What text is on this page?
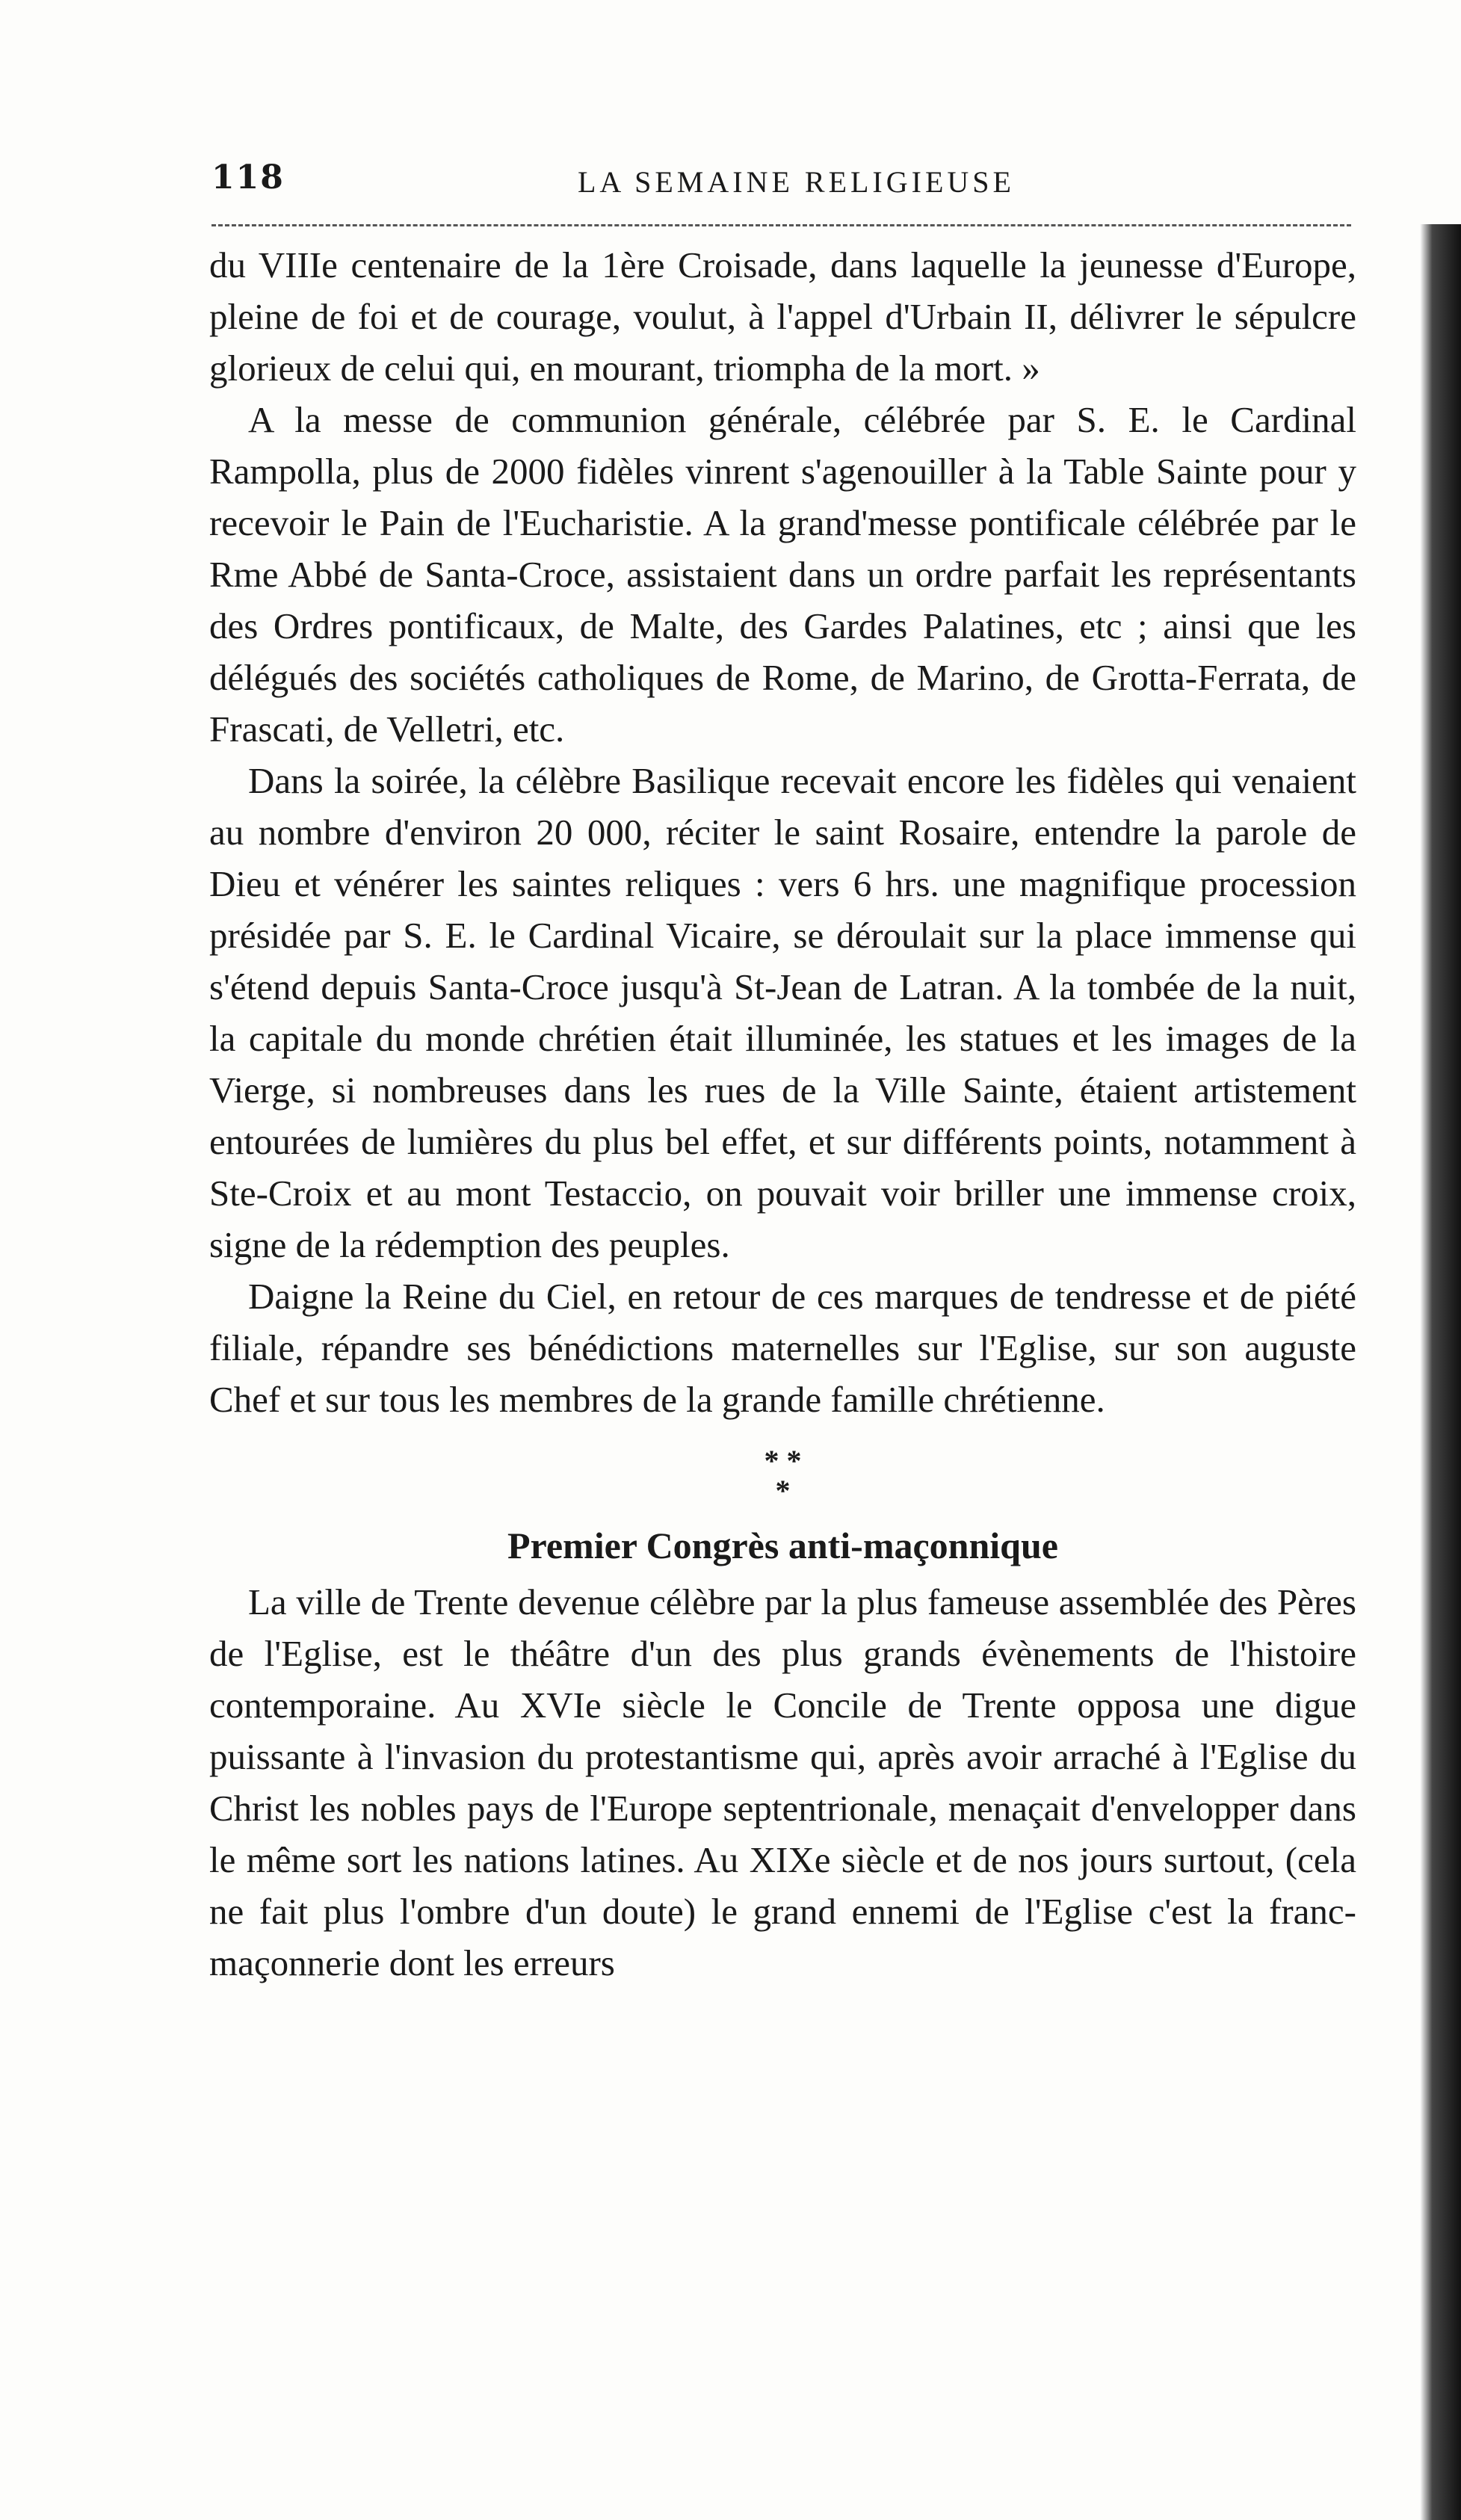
118	LA SEMAINE RELIGIEUSE

du VIIIe centenaire de la 1ère Croisade, dans laquelle la jeunesse d'Europe, pleine de foi et de courage, voulut, à l'appel d'Urbain II, délivrer le sépulcre glorieux de celui qui, en mourant, triompha de la mort. »

A la messe de communion générale, célébrée par S. E. le Cardinal Rampolla, plus de 2000 fidèles vinrent s'agenouiller à la Table Sainte pour y recevoir le Pain de l'Eucharistie. A la grand'messe pontificale célébrée par le Rme Abbé de Santa-Croce, assistaient dans un ordre parfait les représentants des Ordres pontificaux, de Malte, des Gardes Palatines, etc ; ainsi que les délégués des sociétés catholiques de Rome, de Marino, de Grotta-Ferrata, de Frascati, de Velletri, etc.

Dans la soirée, la célèbre Basilique recevait encore les fidèles qui venaient au nombre d'environ 20 000, réciter le saint Rosaire, entendre la parole de Dieu et vénérer les saintes reliques : vers 6 hrs. une magnifique procession présidée par S. E. le Cardinal Vicaire, se déroulait sur la place immense qui s'étend depuis Santa-Croce jusqu'à St-Jean de Latran. A la tombée de la nuit, la capitale du monde chrétien était illuminée, les statues et les images de la Vierge, si nombreuses dans les rues de la Ville Sainte, étaient artistement entourées de lumières du plus bel effet, et sur différents points, notamment à Ste-Croix et au mont Testaccio, on pouvait voir briller une immense croix, signe de la rédemption des peuples.

Daigne la Reine du Ciel, en retour de ces marques de tendresse et de piété filiale, répandre ses bénédictions maternelles sur l'Eglise, sur son auguste Chef et sur tous les membres de la grande famille chrétienne.

* *
*
Premier Congrès anti-maçonnique

La ville de Trente devenue célèbre par la plus fameuse assemblée des Pères de l'Eglise, est le théâtre d'un des plus grands évènements de l'histoire contemporaine. Au XVIe siècle le Concile de Trente opposa une digue puissante à l'invasion du protestantisme qui, après avoir arraché à l'Eglise du Christ les nobles pays de l'Europe septentrionale, menaçait d'envelopper dans le même sort les nations latines. Au XIXe siècle et de nos jours surtout, (cela ne fait plus l'ombre d'un doute) le grand ennemi de l'Eglise c'est la franc-maçonnerie dont les erreurs
